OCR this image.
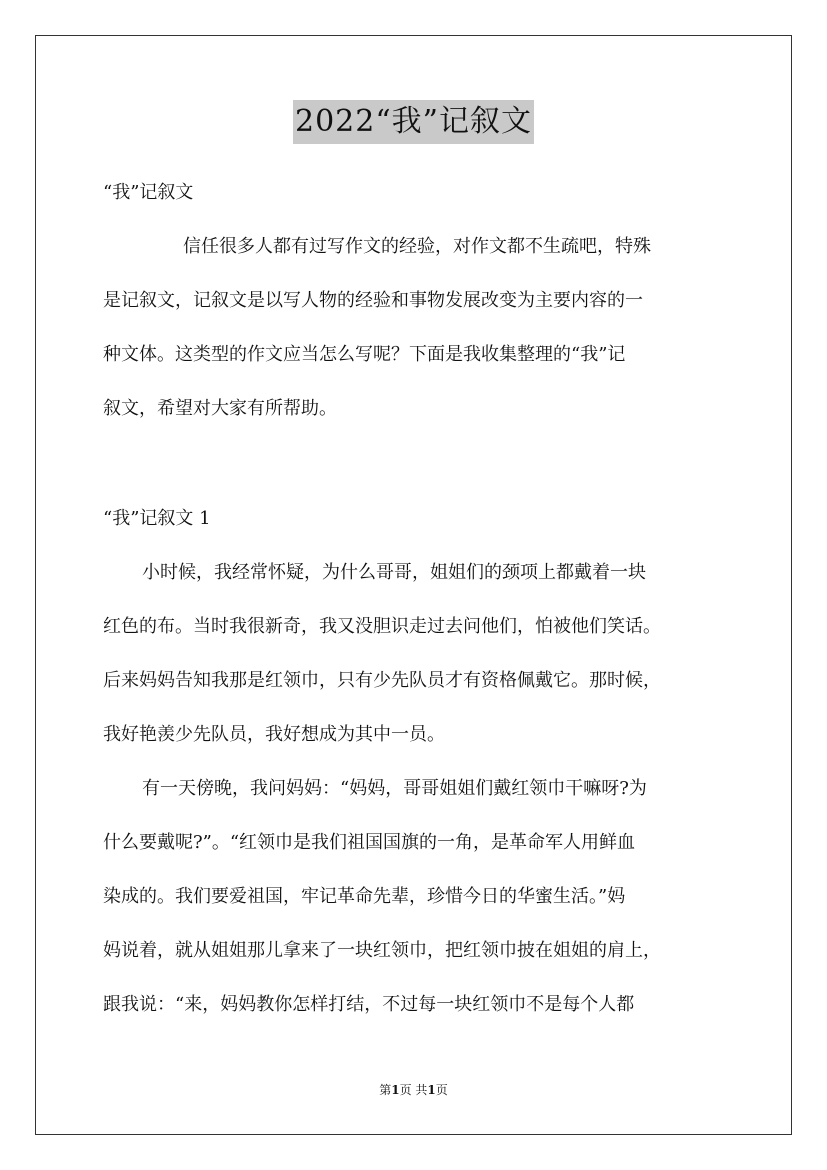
2022“我”记叙文
“我”记叙文
信任很多人都有过写作文的经验，对作文都不生疏吧，特殊
是记叙文，记叙文是以写人物的经验和事物发展改变为主要内容的一
种文体。这类型的作文应当怎么写呢？下面是我收集整理的“我”记
叙文，希望对大家有所帮助。
“我”记叙文 1
小时候，我经常怀疑，为什么哥哥，姐姐们的颈项上都戴着一块
红色的布。当时我很新奇，我又没胆识走过去问他们，怕被他们笑话。
后来妈妈告知我那是红领巾，只有少先队员才有资格佩戴它。那时候，
我好艳羡少先队员，我好想成为其中一员。
有一天傍晚，我问妈妈：“妈妈，哥哥姐姐们戴红领巾干嘛呀?为
什么要戴呢?”。“红领巾是我们祖国国旗的一角，是革命军人用鲜血
染成的。我们要爱祖国，牢记革命先辈，珍惜今日的华蜜生活。”妈
妈说着，就从姐姐那儿拿来了一块红领巾，把红领巾披在姐姐的肩上，
跟我说：“来，妈妈教你怎样打结，不过每一块红领巾不是每个人都
第1页 共1页
